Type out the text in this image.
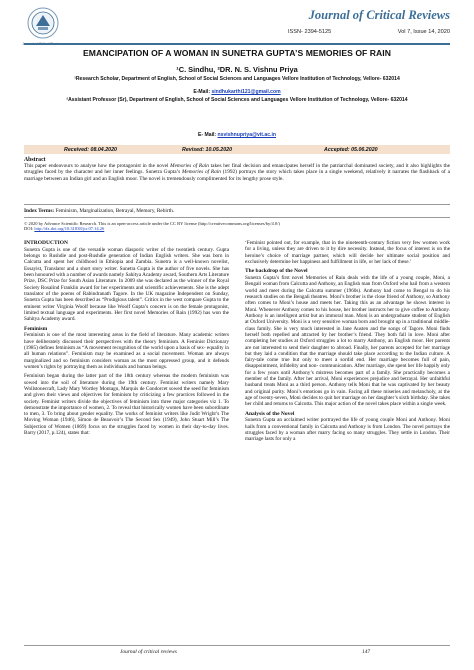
Journal of Critical Reviews
ISSN- 2394-5125	Vol 7, Issue 14, 2020
EMANCIPATION OF A WOMAN IN SUNETRA GUPTA’S MEMORIES OF RAIN
¹C. Sindhu, ²DR. N. S. Vishnu Priya
¹Research Scholar, Department of English, School of Social Sciences and Languages Vellore Institution of Technology, Vellore- 632014
E-Mail: sindhukarthi121@gmail.com
²Assistant Professor (Sr), Department of English, School of Social Sciences and Languages Vellore Institution of Technology, Vellore- 632014
E- Mail: nsvishnupriya@vit.ac.in
Received: 08.04.2020	Revised: 10.05.2020	Accepted: 05.06.2020
Abstract
This paper endeavours to analyse how the protagonist in the novel Memories of Rain takes her final decision and emancipates herself in the patriarchal dominated society, and it also highlights the struggles faced by the character and her inner feelings. Sunetra Gupta’s Memories of Rain (1992) portrays the story which takes place in a single weekend, relatively it narrates the flashback of a marriage between an Indian girl and an English moor. The novel is tremendously complimented for its lengthy prose style.
Index Terms: Feminism, Marginalization, Betrayal, Memory, Rebirth.
© 2020 by Advance Scientific Research. This is an open-access article under the CC BY license (http://creativecommons.org/licenses/by/4.0/)
DOI: http://dx.doi.org/10.31838/jcr.07.14.26
INTRODUCTION
Sunetra Gupta is one of the versatile woman diasporic writer of the twentieth century. Gupta belongs to Rushdie and post-Rushdie generation of Indian English writers. She was born in Calcutta and spent her childhood in Ethiopia and Zambia. Sunetra is a well-known novelist, Essayist, Translator and a short story writer. Sunetra Gupta is the author of five novels. She has been honoured with a number of awards namely Sahitya Academy award, Southern Arts Literature Prize, DSC Prize for South Asian Literature. In 2009 she was declared as the winner of the Royal Society Rosalind Franklin award for her experiments and scientific achievements. She is the adept translator of the poems of Rabindranath Tagore. In the UK magazine Independent on Sunday, Sunetra Gupta has been described as “Prodigious talent”. Critics in the west compare Gupta to the eminent writer Virginia Woolf because like Woolf Gupta’s concern is on the female protagonist, limited textual language and experiments. Her first novel Memories of Rain (1992) has won the Sahitya Academy award.
Feminism
Feminism is one of the most interesting areas in the field of literature. Many academic writers have deliberately discussed their perspectives with the theory feminism. A Feminist Dictionary (1985) defines feminism as “A movement recognition of the world upon a basis of sex- equality in all human relations”. Feminism may be examined as a social movement. Woman are always marginalized and so feminism considers woman as the most oppressed group, and it defends women’s rights by portraying them as individuals and human beings.
Feminism began during the latter part of the 18th century whereas the modern feminism was sowed into the soil of literature during the 19th century. Feminist writers namely Mary Wollstonecraft, Lady Mary Wortley Montagu, Marquis de Condorcet sowed the seed for feminism and given their views and objectives for feminism by criticizing a few practices followed in the society. Feminist writers divide the objectives of feminism into three major categories viz 1. To demonstrate the importance of women, 2. To reveal that historically women have been subordinate to men, 3. To bring about gender equality. The works of feminist writers like Judit Wright’s The Moving Woman (1946), Simon de Beauvoir’s The Second Sex (1949), John Stuart Mill’s The Subjection of Women (1869) focus on the struggles faced by women in their day-to-day lives. Barry (2017, p.124), states that:
‘Feminist pointed out, for example, that in the nineteenth-century fiction very few women work for a living, unless they are driven to it by dire necessity. Instead, the focus of interest is on the heroine’s choice of marriage partner, which will decide her ultimate social position and exclusively determine her happiness and fulfillment in life, or her lack of these.’
The backdrop of the Novel
Sunetra Gupta’s first novel Memories of Rain deals with the life of a young couple, Moni, a Bengali woman from Calcutta and Anthony, an English man from Oxford who hail from a western world and meet during the Calcutta summer (1960s). Anthony had come to Bengal to do his research studies on the Bengali theatres. Moni’s brother is the close friend of Anthony, so Anthony often comes to Moni’s house and meets her. Taking this as an advantage he shows interest in Moni. Whenever Anthony comes to his house, her brother instructs her to give coffee to Anthony. Anthony is an intelligent artist but an immoral man. Moni is an undergraduate student of English at Oxford University. Moni is a very sensitive woman born and brought up in a traditional middle-class family. She is very much interested in Jane Austen and the songs of Tagore. Moni finds herself both repelled and attracted by her brother’s friend. They both fall in love. Moni after completing her studies at Oxford struggles a lot to marry Anthony, an English moor. Her parents are not interested to send their daughter to abroad. Finally, her parents accepted for her marriage but they laid a condition that the marriage should take place according to the Indian culture. A fairy-tale come true but only to meet a sordid end. Her marriage becomes full of pain, disappointment, infidelity and non- communication. After marriage, she spent her life happily only for a few years until Anthony’s mistress becomes part of a family. She practically becomes a member of the family. After her arrival, Moni experiences prejudice and betrayal. Her unfaithful husband treats Moni as a third person. Anthony tells Moni that he was captivated by her beauty and original purity. Moni’s emotions go in vain. Facing all these miseries and melancholy, at the age of twenty-seven, Moni decides to quit her marriage on her daughter’s sixth birthday. She takes her child and returns to Calcutta. This major action of the novel takes place within a single week.
Analysis of the Novel
Sunetra Gupta an acclaimed writer portrayed the life of young couple Moni and Anthony. Moni hails from a conventional family in Calcutta and Anthony is from London. The novel portrays the struggles faced by a woman after marry facing so many struggles. They settle in London. Their marriage lasts for only a
Journal of critical reviews	147
